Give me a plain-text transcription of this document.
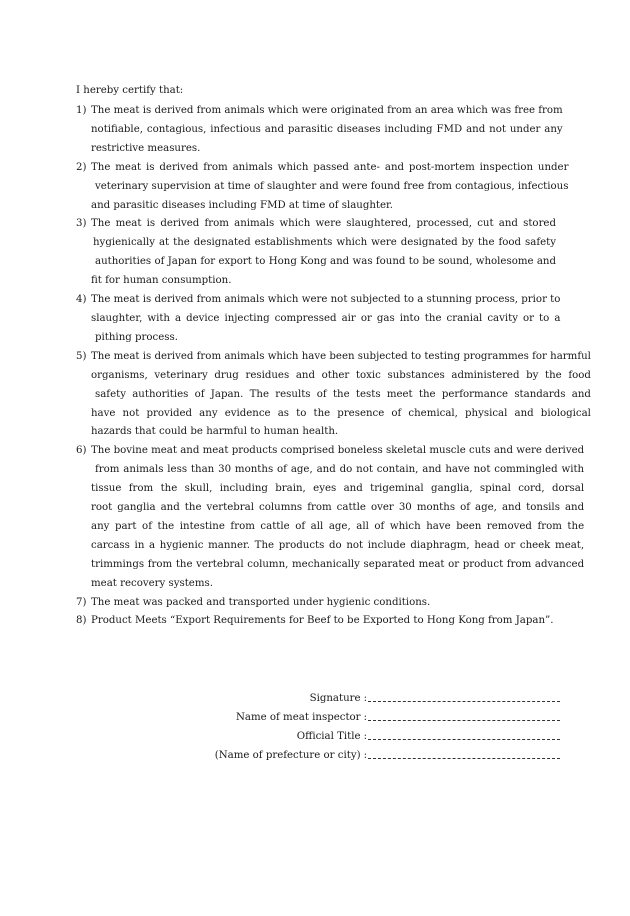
I hereby certify that:
1) The meat is derived from animals which were originated from an area which was free from
notifiable, contagious, infectious and parasitic diseases including FMD and not under any
restrictive measures.
2) The meat is derived from animals which passed ante- and post-mortem inspection under
veterinary supervision at time of slaughter and were found free from contagious, infectious
and parasitic diseases including FMD at time of slaughter.
3) The meat is derived from animals which were slaughtered, processed, cut and stored
hygienically at the designated establishments which were designated by the food safety
authorities of Japan for export to Hong Kong and was found to be sound, wholesome and
fit for human consumption.
4) The meat is derived from animals which were not subjected to a stunning process, prior to
slaughter, with a device injecting compressed air or gas into the cranial cavity or to a
pithing process.
5) The meat is derived from animals which have been subjected to testing programmes for harmful
organisms, veterinary drug residues and other toxic substances administered by the food
safety authorities of Japan. The results of the tests meet the performance standards and
have not provided any evidence as to the presence of chemical, physical and biological
hazards that could be harmful to human health.
6) The bovine meat and meat products comprised boneless skeletal muscle cuts and were derived
from animals less than 30 months of age, and do not contain, and have not commingled with
tissue from the skull, including brain, eyes and trigeminal ganglia, spinal cord, dorsal
root ganglia and the vertebral columns from cattle over 30 months of age, and tonsils and
any part of the intestine from cattle of all age, all of which have been removed from the
carcass in a hygienic manner. The products do not include diaphragm, head or cheek meat,
trimmings from the vertebral column, mechanically separated meat or product from advanced
meat recovery systems.
7) The meat was packed and transported under hygienic conditions.
8) Product Meets “Export Requirements for Beef to be Exported to Hong Kong from Japan”.
Signature :
Name of meat inspector :
Official Title :
(Name of prefecture or city) :
